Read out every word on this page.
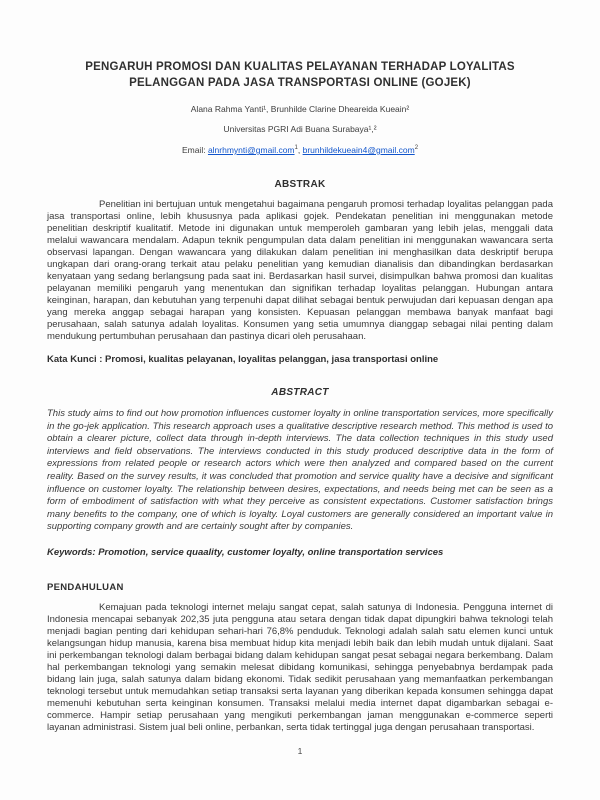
PENGARUH PROMOSI DAN KUALITAS PELAYANAN TERHADAP LOYALITAS
PELANGGAN PADA JASA TRANSPORTASI ONLINE (GOJEK)
Alana Rahma Yanti¹, Brunhilde Clarine Dheareida Kueain²
Universitas PGRI Adi Buana Surabaya¹,²
Email: alnrhmynti@gmail.com$^1$, brunhildekueain4@gmail.com$^2$
ABSTRAK

Penelitian ini bertujuan untuk mengetahui bagaimana pengaruh promosi terhadap loyalitas pelanggan pada jasa transportasi online, lebih khususnya pada aplikasi gojek. Pendekatan penelitian ini menggunakan metode penelitian deskriptif kualitatif. Metode ini digunakan untuk memperoleh gambaran yang lebih jelas, menggali data melalui wawancara mendalam. Adapun teknik pengumpulan data dalam penelitian ini menggunakan wawancara serta observasi lapangan. Dengan wawancara yang dilakukan dalam penelitian ini menghasilkan data deskriptif berupa ungkapan dari orang-orang terkait atau pelaku penelitian yang kemudian dianalisis dan dibandingkan berdasarkan kenyataan yang sedang berlangsung pada saat ini. Berdasarkan hasil survei, disimpulkan bahwa promosi dan kualitas pelayanan memiliki pengaruh yang menentukan dan signifikan terhadap loyalitas pelanggan. Hubungan antara keinginan, harapan, dan kebutuhan yang terpenuhi dapat dilihat sebagai bentuk perwujudan dari kepuasan dengan apa yang mereka anggap sebagai harapan yang konsisten. Kepuasan pelanggan membawa banyak manfaat bagi perusahaan, salah satunya adalah loyalitas. Konsumen yang setia umumnya dianggap sebagai nilai penting dalam mendukung pertumbuhan perusahaan dan pastinya dicari oleh perusahaan.

Kata Kunci : Promosi, kualitas pelayanan, loyalitas pelanggan, jasa transportasi online
ABSTRACT

This study aims to find out how promotion influences customer loyalty in online transportation services, more specifically in the go-jek application. This research approach uses a qualitative descriptive research method. This method is used to obtain a clearer picture, collect data through in-depth interviews. The data collection techniques in this study used interviews and field observations. The interviews conducted in this study produced descriptive data in the form of expressions from related people or research actors which were then analyzed and compared based on the current reality. Based on the survey results, it was concluded that promotion and service quality have a decisive and significant influence on customer loyalty. The relationship between desires, expectations, and needs being met can be seen as a form of embodiment of satisfaction with what they perceive as consistent expectations. Customer satisfaction brings many benefits to the company, one of which is loyalty. Loyal customers are generally considered an important value in supporting company growth and are certainly sought after by companies.

Keywords: Promotion, service quaality, customer loyalty, online transportation services
PENDAHULUAN

Kemajuan pada teknologi internet melaju sangat cepat, salah satunya di Indonesia. Pengguna internet di Indonesia mencapai sebanyak 202,35 juta pengguna atau setara dengan tidak dapat dipungkiri bahwa teknologi telah menjadi bagian penting dari kehidupan sehari-hari 76,8% penduduk. Teknologi adalah salah satu elemen kunci untuk kelangsungan hidup manusia, karena bisa membuat hidup kita menjadi lebih baik dan lebih mudah untuk dijalani. Saat ini perkembangan teknologi dalam berbagai bidang dalam kehidupan sangat pesat sebagai negara berkembang. Dalam hal perkembangan teknologi yang semakin melesat dibidang komunikasi, sehingga penyebabnya berdampak pada bidang lain juga, salah satunya dalam bidang ekonomi. Tidak sedikit perusahaan yang memanfaatkan perkembangan teknologi tersebut untuk memudahkan setiap transaksi serta layanan yang diberikan kepada konsumen sehingga dapat memenuhi kebutuhan serta keinginan konsumen. Transaksi melalui media internet dapat digambarkan sebagai e-commerce. Hampir setiap perusahaan yang mengikuti perkembangan jaman menggunakan e-commerce seperti layanan administrasi. Sistem jual beli online, perbankan, serta tidak tertinggal juga dengan perusahaan transportasi.

1
